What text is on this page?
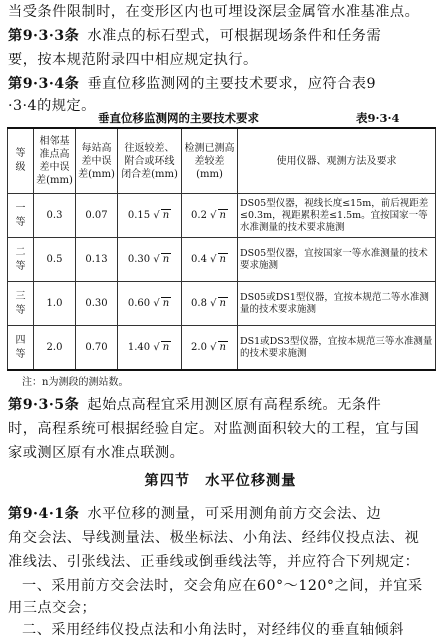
当受条件限制时，在变形区内也可埋设深层金属管水准基准点。
第9·3·3条 水准点的标石型式，可根据现场条件和任务需
要，按本规范附录四中相应规定执行。
第9·3·4条 垂直位移监测网的主要技术要求，应符合表9
·3·4的规定。
垂直位移监测网的主要技术要求	表9·3·4
等级	相邻基准点高差中误差(mm)	每站高差中误差(mm)	往返较差、附合或环线闭合差(mm)	检测已测高差较差(mm)	使用仪器、观测方法及要求
一等	0.3	0.07	0.15 √ n	0.2 √ n	DS05型仪器，视线长度≤15m，前后视距差≤0.3m，视距累积差≤1.5m。宜按国家一等水准测量的技术要求施测
二等	0.5	0.13	0.30 √ n	0.4 √ n	DS05型仪器，宜按国家一等水准测量的技术要求施测
三等	1.0	0.30	0.60 √ n	0.8 √ n	DS05或DS1型仪器，宜按本规范二等水准测量的技术要求施测
四等	2.0	0.70	1.40 √ n	2.0 √ n	DS1或DS3型仪器，宜按本规范三等水准测量的技术要求施测
注：n为测段的测站数。
第9·3·5条 起始点高程宜采用测区原有高程系统。无条件
时，高程系统可根据经验自定。对监测面积较大的工程，宜与国
家或测区原有水准点联测。
第四节　水平位移测量
第9·4·1条 水平位移的测量，可采用测角前方交会法、边
角交会法、导线测量法、极坐标法、小角法、经纬仪投点法、视
准线法、引张线法、正垂线或倒垂线法等，并应符合下列规定：
一、采用前方交会法时，交会角应在60°～120°之间，并宜采
用三点交会；
二、采用经纬仪投点法和小角法时，对经纬仪的垂直轴倾斜
